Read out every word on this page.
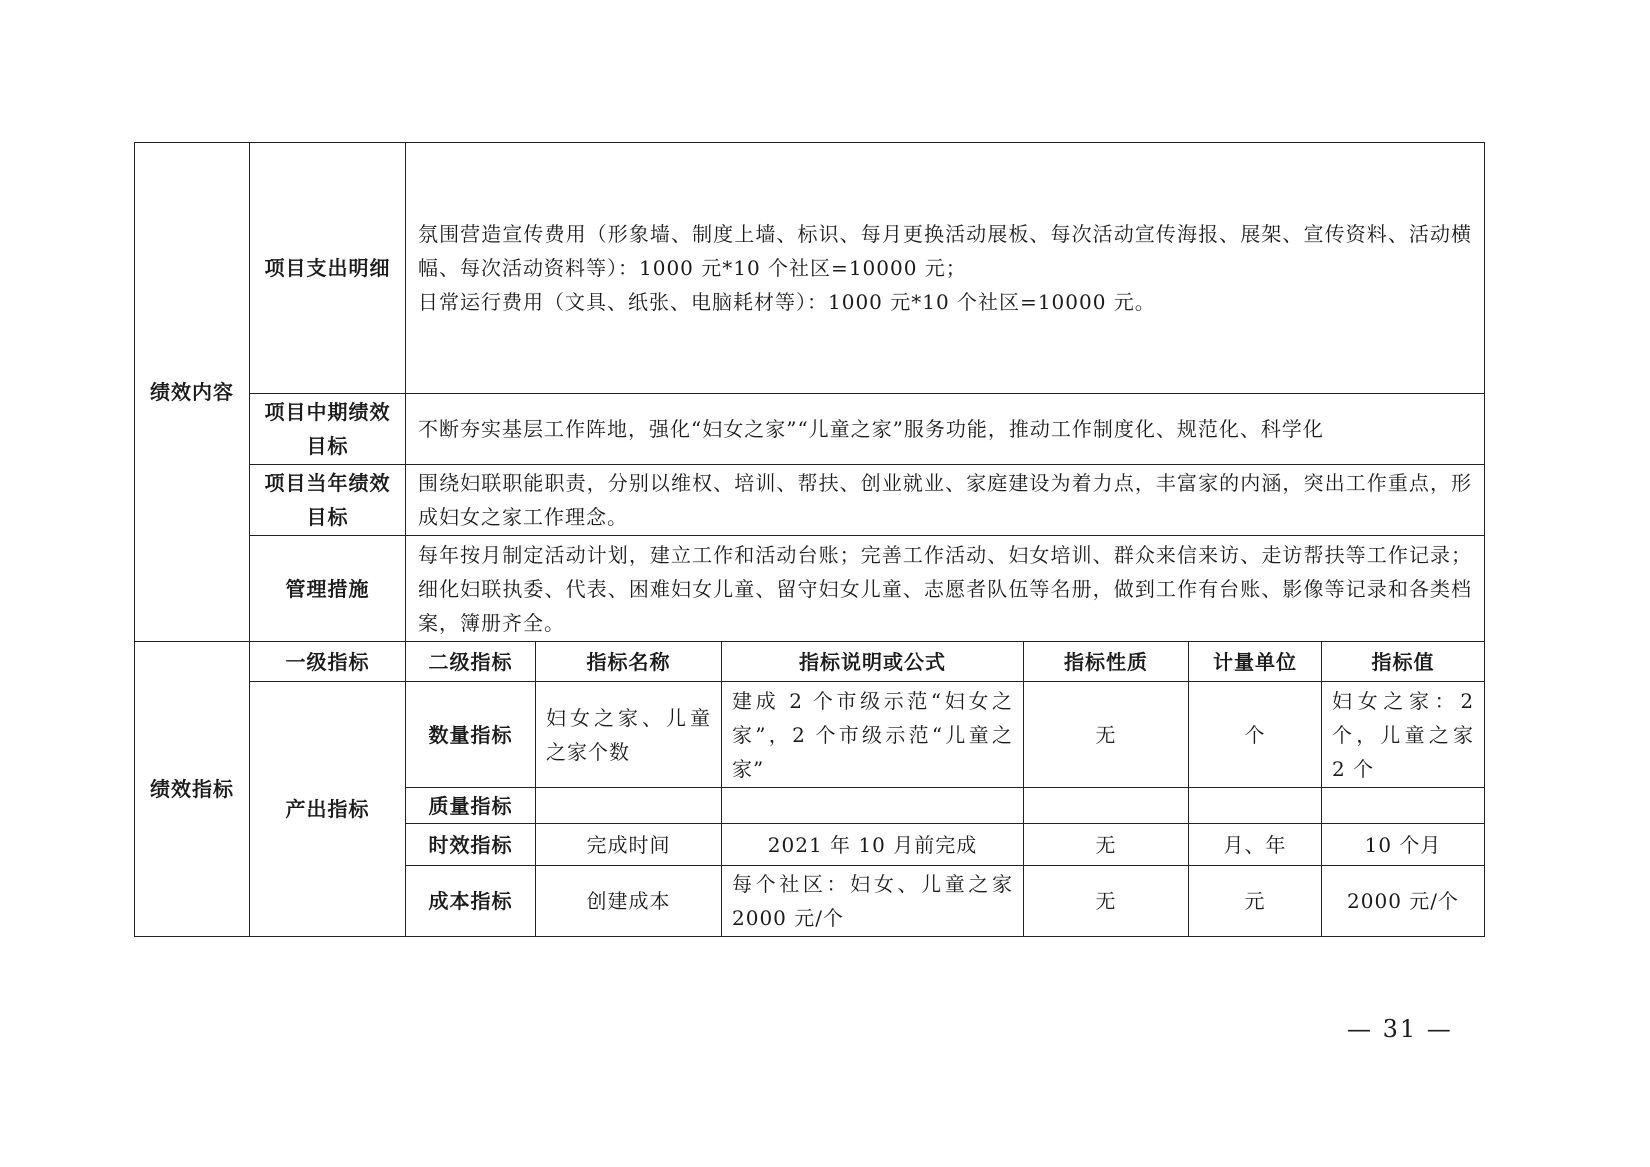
绩效内容	项目支出明细	氛围营造宣传费用（形象墙、制度上墙、标识、每月更换活动展板、每次活动宣传海报、展架、宣传资料、活动横幅、每次活动资料等）：1000 元*10 个社区=10000 元；
日常运行费用（文具、纸张、电脑耗材等）：1000 元*10 个社区=10000 元。					

	项目中期绩效目标	不断夯实基层工作阵地，强化“妇女之家”“儿童之家”服务功能，推动工作制度化、规范化、科学化					
	项目当年绩效目标	围绕妇联职能职责，分别以维权、培训、帮扶、创业就业、家庭建设为着力点，丰富家的内涵，突出工作重点，形成妇女之家工作理念。					
	管理措施	每年按月制定活动计划，建立工作和活动台账；完善工作活动、妇女培训、群众来信来访、走访帮扶等工作记录；细化妇联执委、代表、困难妇女儿童、留守妇女儿童、志愿者队伍等名册，做到工作有台账、影像等记录和各类档案，簿册齐全。					
绩效指标	一级指标	二级指标	指标名称	指标说明或公式	指标性质	计量单位	指标值
	产出指标	数量指标	妇女之家、儿童之家个数	建成 2 个市级示范“妇女之家”，2 个市级示范“儿童之家”	无	个	妇女之家：2 个，儿童之家 2 个
		质量指标					
		时效指标	完成时间	2021 年 10 月前完成	无	月、年	10 个月
		成本指标	创建成本	每个社区：妇女、儿童之家 2000 元/个	无	元	2000 元/个
— 31 —
